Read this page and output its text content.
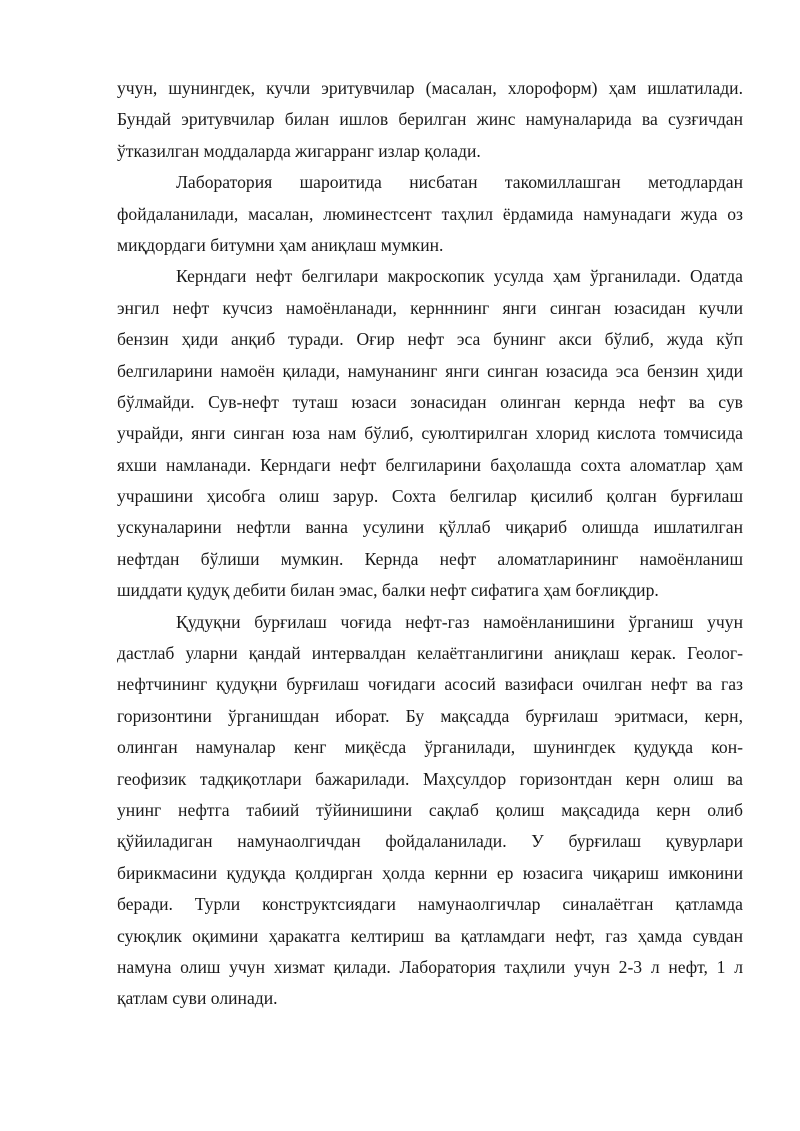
учун, шунингдек, кучли эритувчилар (масалан, хлороформ) ҳам ишлатилади.
Бундай эритувчилар билан ишлов берилган жинс намуналарида ва сузғичдан
ўтказилган моддаларда жигарранг излар қолади.
Лаборатория шароитида нисбатан такомиллашган методлардан
фойдаланилади, масалан, люминестсент таҳлил ёрдамида намунадаги жуда оз
миқдордаги битумни ҳам аниқлаш мумкин.
Керндаги нефт белгилари макроскопик усулда ҳам ўрганилади. Одатда
энгил нефт кучсиз намоёнланади, кернннинг янги синган юзасидан кучли
бензин ҳиди анқиб туради. Оғир нефт эса бунинг акси бўлиб, жуда кўп
белгиларини намоён қилади, намунанинг янги синган юзасида эса бензин ҳиди
бўлмайди. Сув-нефт туташ юзаси зонасидан олинган кернда нефт ва сув
учрайди, янги синган юза нам бўлиб, суюлтирилган хлорид кислота томчисида
яхши намланади. Керндаги нефт белгиларини баҳолашда сохта аломатлар ҳам
учрашини ҳисобга олиш зарур. Сохта белгилар қисилиб қолган бурғилаш
ускуналарини нефтли ванна усулини қўллаб чиқариб олишда ишлатилган
нефтдан бўлиши мумкин. Кернда нефт аломатларининг намоёнланиш
шиддати қудуқ дебити билан эмас, балки нефт сифатига ҳам боғлиқдир.
Қудуқни бурғилаш чоғида нефт-газ намоёнланишини ўрганиш учун
дастлаб уларни қандай интервалдан келаётганлигини аниқлаш керак. Геолог-
нефтчининг қудуқни бурғилаш чоғидаги асосий вазифаси очилган нефт ва газ
горизонтини ўрганишдан иборат. Бу мақсадда бурғилаш эритмаси, керн,
олинган намуналар кенг миқёсда ўрганилади, шунингдек қудуқда кон-
геофизик тадқиқотлари бажарилади. Маҳсулдор горизонтдан керн олиш ва
унинг нефтга табиий тўйинишини сақлаб қолиш мақсадида керн олиб
қўйиладиган намунаолгичдан фойдаланилади. У бурғилаш қувурлари
бирикмасини қудуқда қолдирган ҳолда кернни ер юзасига чиқариш имконини
беради. Турли конструктсиядаги намунаолгичлар синалаётган қатламда
суюқлик оқимини ҳаракатга келтириш ва қатламдаги нефт, газ ҳамда сувдан
намуна олиш учун хизмат қилади. Лаборатория таҳлили учун 2-3 л нефт, 1 л
қатлам суви олинади.
